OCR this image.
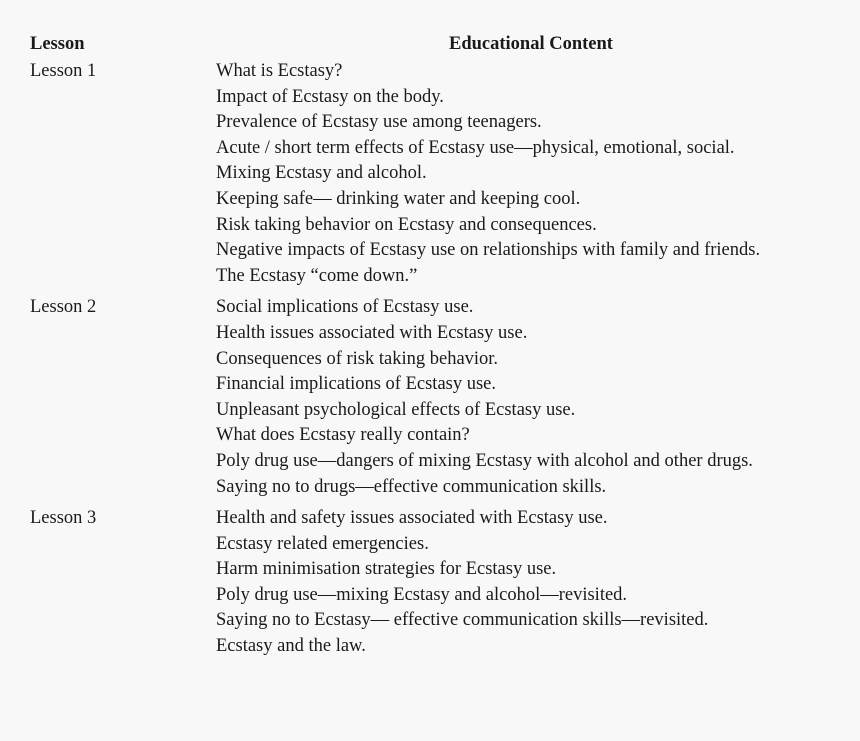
Lesson	Educational Content
Lesson 1	What is Ecstasy?
Impact of Ecstasy on the body.
Prevalence of Ecstasy use among teenagers.
Acute / short term effects of Ecstasy use—physical, emotional, social.
Mixing Ecstasy and alcohol.
Keeping safe— drinking water and keeping cool.
Risk taking behavior on Ecstasy and consequences.
Negative impacts of Ecstasy use on relationships with family and friends.
The Ecstasy “come down.”
Lesson 2	Social implications of Ecstasy use.
Health issues associated with Ecstasy use.
Consequences of risk taking behavior.
Financial implications of Ecstasy use.
Unpleasant psychological effects of Ecstasy use.
What does Ecstasy really contain?
Poly drug use—dangers of mixing Ecstasy with alcohol and other drugs.
Saying no to drugs—effective communication skills.
Lesson 3	Health and safety issues associated with Ecstasy use.
Ecstasy related emergencies.
Harm minimisation strategies for Ecstasy use.
Poly drug use—mixing Ecstasy and alcohol—revisited.
Saying no to Ecstasy— effective communication skills—revisited.
Ecstasy and the law.
